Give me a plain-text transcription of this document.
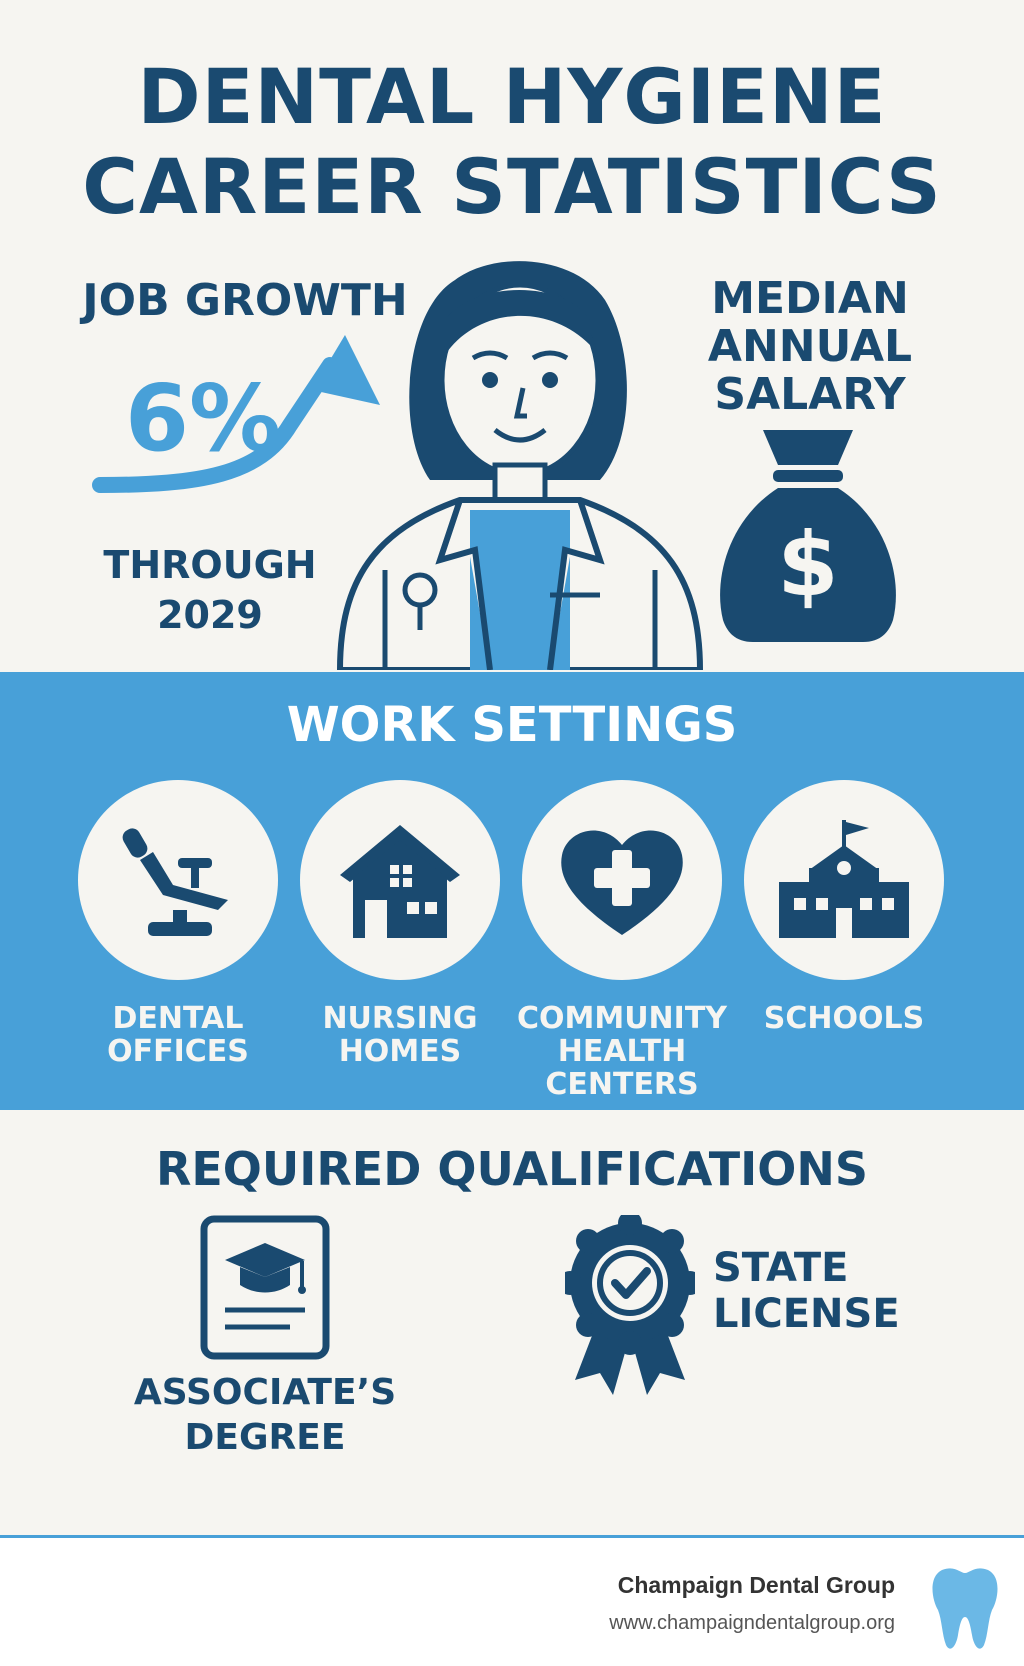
DENTAL HYGIENE
CAREER STATISTICS
JOB GROWTH
6%
THROUGH
2029
MEDIAN
ANNUAL
SALARY
$
WORK SETTINGS
DENTAL
OFFICES
NURSING
HOMES
COMMUNITY
HEALTH
CENTERS
SCHOOLS
REQUIRED QUALIFICATIONS
ASSOCIATE’S
DEGREE
STATE
LICENSE
Champaign Dental Group
www.champaigndentalgroup.org
